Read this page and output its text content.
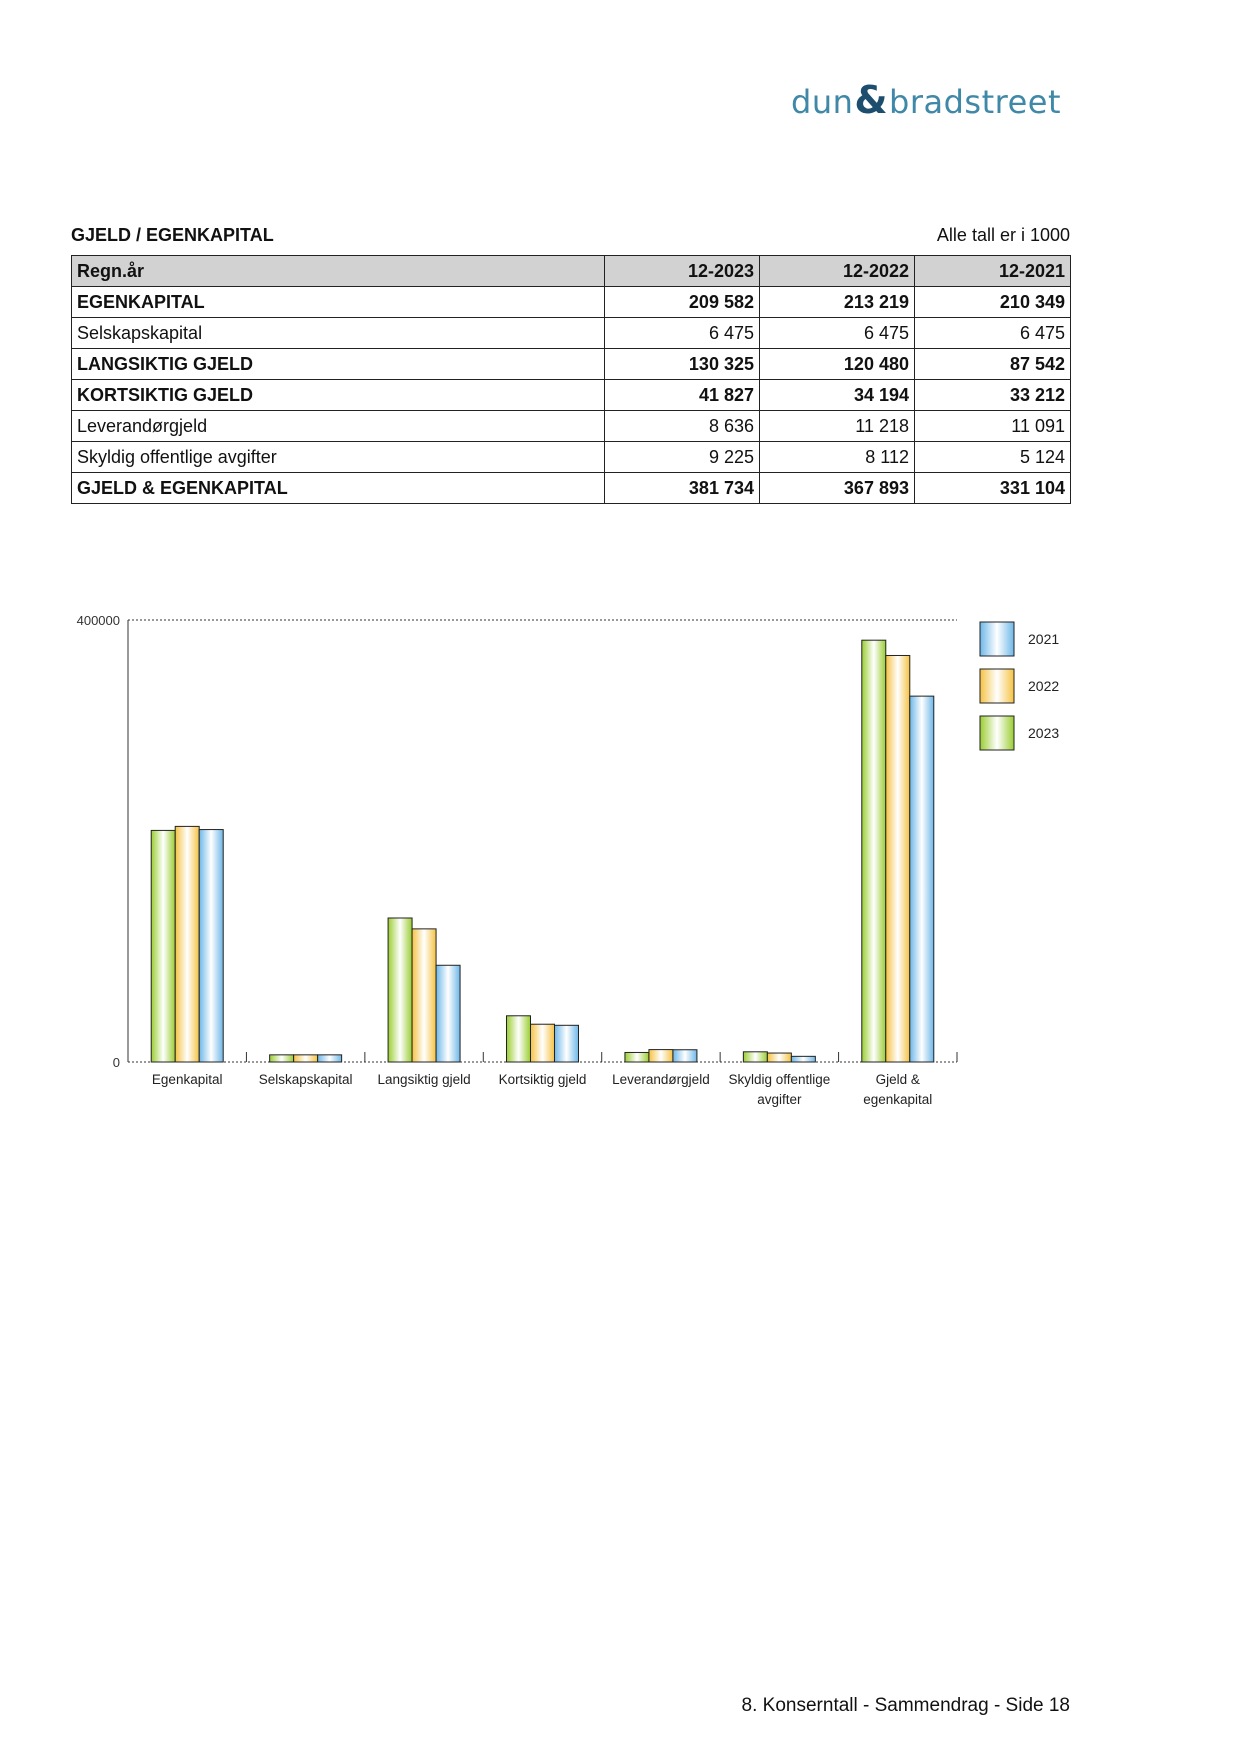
dun&bradstreet
GJELD / EGENKAPITAL	Alle tall er i 1000
Regn.år	12-2023	12-2022	12-2021
EGENKAPITAL	209 582	213 219	210 349
Selskapskapital	6 475	6 475	6 475
LANGSIKTIG GJELD	130 325	120 480	87 542
KORTSIKTIG GJELD	41 827	34 194	33 212
Leverandørgjeld	8 636	11 218	11 091
Skyldig offentlige avgifter	9 225	8 112	5 124
GJELD & EGENKAPITAL	381 734	367 893	331 104
0
400000
Egenkapital	Selskapskapital Langsiktig gjeld Kortsiktig gjeld Leverandørgjeld Skyldig offentlige
avgifter
Gjeld &
egenkapital
2021
2022
2023
8. Konserntall - Sammendrag - Side 18
